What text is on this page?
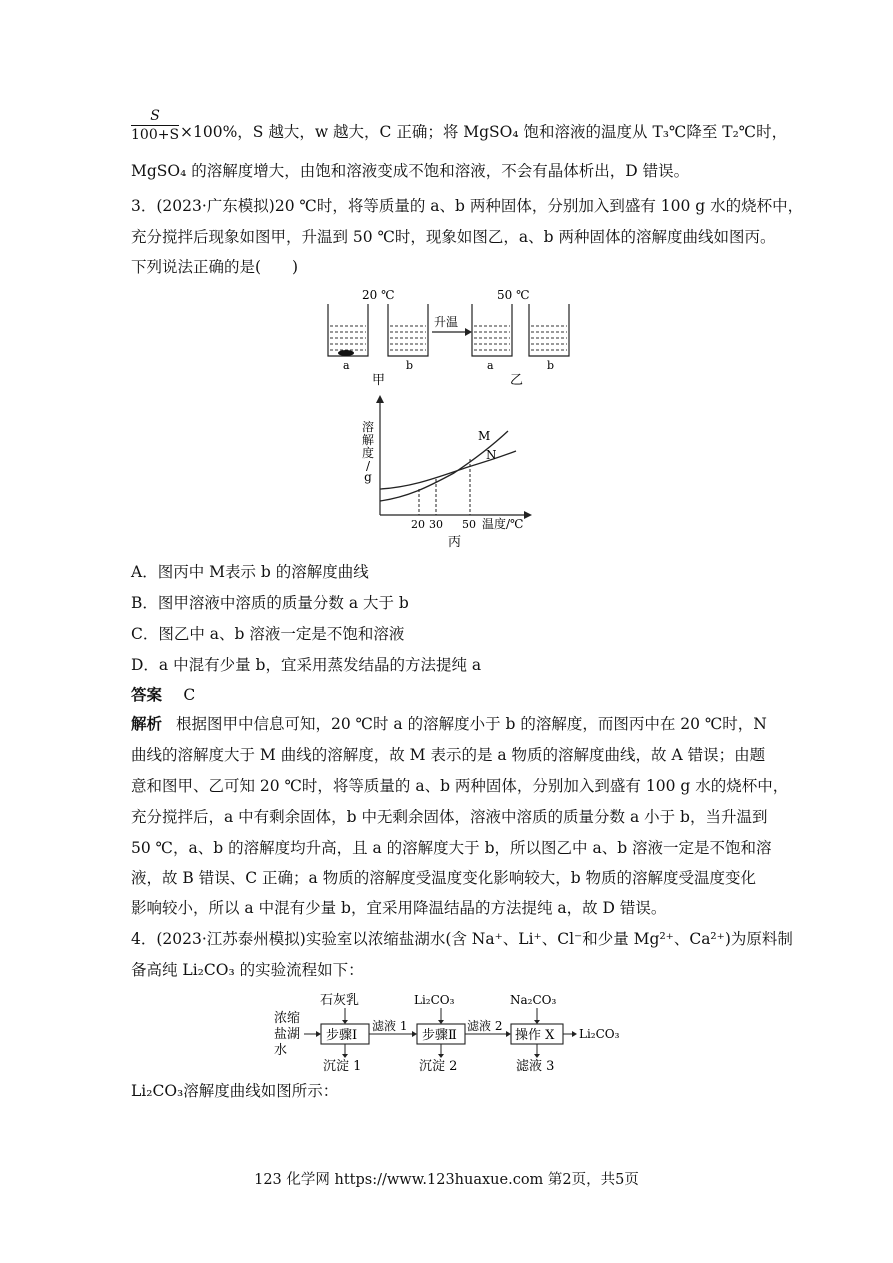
$\frac{S}{100+S} \times 100\%$，S 越大，w 越大，C 正确；将 MgSO₄ 饱和溶液的温度从 T₃℃降至 T₂℃时，
MgSO₄ 的溶解度增大，由饱和溶液变成不饱和溶液，不会有晶体析出，D 错误。
3．(2023·广东模拟)20 ℃时，将等质量的 a、b 两种固体，分别加入到盛有 100 g 水的烧杯中，
充分搅拌后现象如图甲，升温到 50 ℃时，现象如图乙，a、b 两种固体的溶解度曲线如图丙。
下列说法正确的是(　　)
20 ℃	50 ℃
升温
a	b	a	b
甲	乙
溶解度/ g
M
N
20 30 50 温度/℃
丙
A．图丙中 M表示 b 的溶解度曲线
B．图甲溶液中溶质的质量分数 a 大于 b
C．图乙中 a、b 溶液一定是不饱和溶液
D．a 中混有少量 b，宜采用蒸发结晶的方法提纯 a
答案 C
解析 根据图甲中信息可知，20 ℃时 a 的溶解度小于 b 的溶解度，而图丙中在 20 ℃时，N
曲线的溶解度大于 M 曲线的溶解度，故 M 表示的是 a 物质的溶解度曲线，故 A 错误；由题
意和图甲、乙可知 20 ℃时，将等质量的 a、b 两种固体，分别加入到盛有 100 g 水的烧杯中，
充分搅拌后，a 中有剩余固体，b 中无剩余固体，溶液中溶质的质量分数 a 小于 b，当升温到
50 ℃，a、b 的溶解度均升高，且 a 的溶解度大于 b，所以图乙中 a、b 溶液一定是不饱和溶
液，故 B 错误、C 正确；a 物质的溶解度受温度变化影响较大，b 物质的溶解度受温度变化
影响较小，所以 a 中混有少量 b，宜采用降温结晶的方法提纯 a，故 D 错误。
4．(2023·江苏泰州模拟)实验室以浓缩盐湖水(含 Na⁺、Li⁺、Cl⁻和少量 Mg²⁺、Ca²⁺)为原料制
备高纯 Li₂CO₃ 的实验流程如下：
浓缩
盐湖
水
步骤Ⅰ
石灰乳
沉淀 1
滤液 1
步骤Ⅱ
Li₂CO₃
沉淀 2
滤液 2
操作 X
Na₂CO₃
滤液 3
Li₂CO₃
Li₂CO₃溶解度曲线如图所示：
123 化学网 https://www.123huaxue.com 第2页，共5页
